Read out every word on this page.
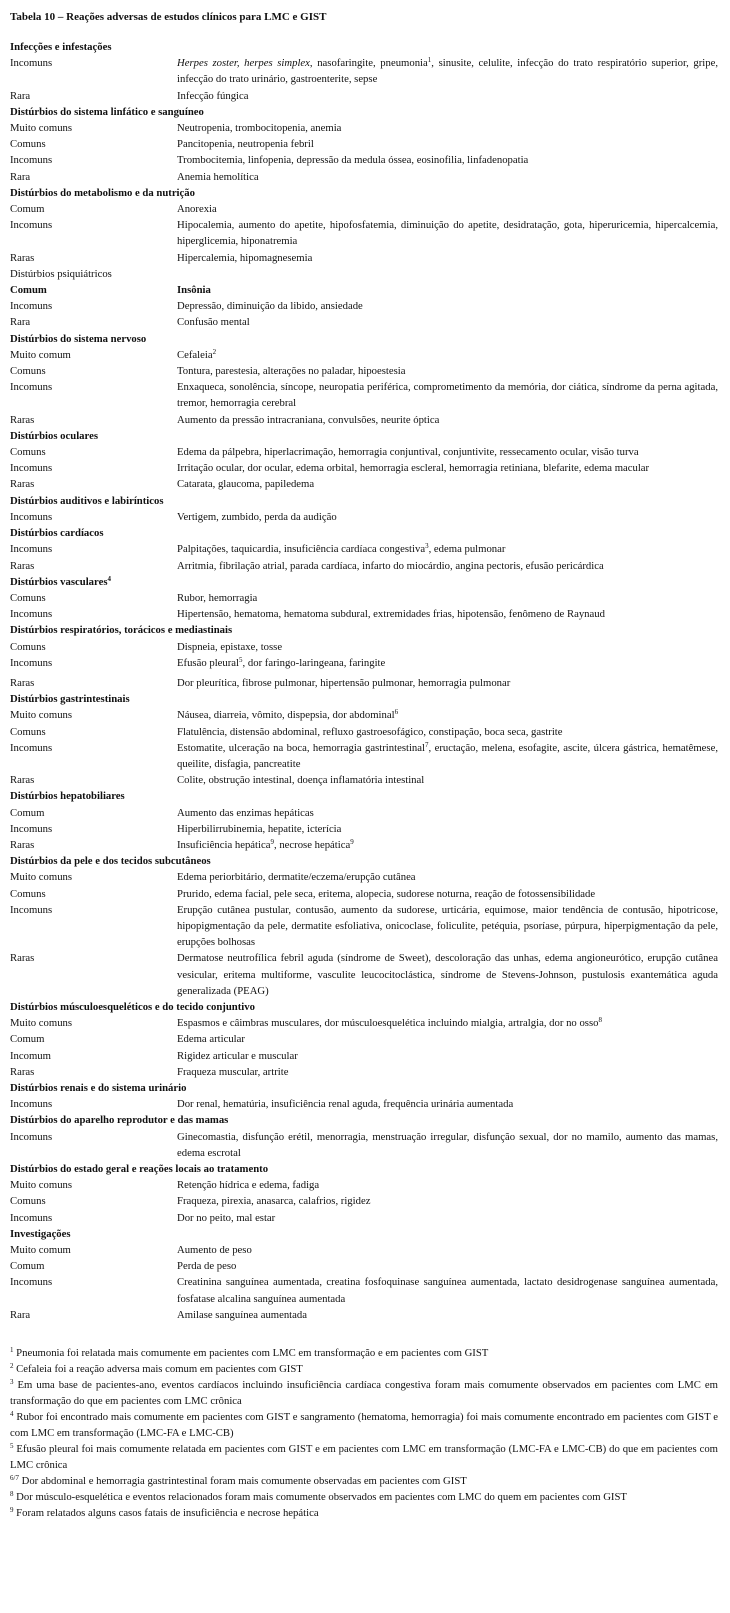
Tabela 10 – Reações adversas de estudos clínicos para LMC e GIST
Infecções e infestações
Incomuns	Herpes zoster, herpes simplex, nasofaringite, pneumonia$^1$, sinusite, celulite, infecção do trato respiratório superior, gripe, infecção do trato urinário, gastroenterite, sepse
Rara	Infecção fúngica
Distúrbios do sistema linfático e sanguíneo
Muito comuns	Neutropenia, trombocitopenia, anemia
Comuns	Pancitopenia, neutropenia febril
Incomuns	Trombocitemia, linfopenia, depressão da medula óssea, eosinofilia, linfadenopatia
Rara	Anemia hemolítica
Distúrbios do metabolismo e da nutrição
Comum	Anorexia
Incomuns	Hipocalemia, aumento do apetite, hipofosfatemia, diminuição do apetite, desidratação, gota, hiperuricemia, hipercalcemia, hiperglicemia, hiponatremia
Raras	Hipercalemia, hipomagnesemia
Distúrbios psiquiátricos
Comum	Insônia
Incomuns	Depressão, diminuição da libido, ansiedade
Rara	Confusão mental
Distúrbios do sistema nervoso
Muito comum	Cefaleia$^2$
Comuns	Tontura, parestesia, alterações no paladar, hipoestesia
Incomuns	Enxaqueca, sonolência, síncope, neuropatia periférica, comprometimento da memória, dor ciática, síndrome da perna agitada, tremor, hemorragia cerebral
Raras	Aumento da pressão intracraniana, convulsões, neurite óptica
Distúrbios oculares
Comuns	Edema da pálpebra, hiperlacrimação, hemorragia conjuntival, conjuntivite, ressecamento ocular, visão turva
Incomuns	Irritação ocular, dor ocular, edema orbital, hemorragia escleral, hemorragia retiniana, blefarite, edema macular
Raras	Catarata, glaucoma, papiledema
Distúrbios auditivos e labirínticos
Incomuns	Vertigem, zumbido, perda da audição
Distúrbios cardíacos
Incomuns	Palpitações, taquicardia, insuficiência cardíaca congestiva$^3$, edema pulmonar
Raras	Arritmia, fibrilação atrial, parada cardíaca, infarto do miocárdio, angina pectoris, efusão pericárdica
Distúrbios vasculares$^4$
Comuns	Rubor, hemorragia
Incomuns	Hipertensão, hematoma, hematoma subdural, extremidades frias, hipotensão, fenômeno de Raynaud
Distúrbios respiratórios, torácicos e mediastinais
Comuns	Dispneia, epistaxe, tosse
Incomuns	Efusão pleural$^5$, dor faringo-laringeana, faringite
Raras	Dor pleurítica, fibrose pulmonar, hipertensão pulmonar, hemorragia pulmonar
Distúrbios gastrintestinais
Muito comuns	Náusea, diarreia, vômito, dispepsia, dor abdominal$^6$
Comuns	Flatulência, distensão abdominal, refluxo gastroesofágico, constipação, boca seca, gastrite
Incomuns	Estomatite, ulceração na boca, hemorragia gastrintestinal$^7$, eructação, melena, esofagite, ascite, úlcera gástrica, hematêmese, queilite, disfagia, pancreatite
Raras	Colite, obstrução intestinal, doença inflamatória intestinal
Distúrbios hepatobiliares
Comum	Aumento das enzimas hepáticas
Incomuns	Hiperbilirrubinemia, hepatite, icterícia
Raras	Insuficiência hepática$^9$, necrose hepática$^9$
Distúrbios da pele e dos tecidos subcutâneos
Muito comuns	Edema periorbitário, dermatite/eczema/erupção cutânea
Comuns	Prurido, edema facial, pele seca, eritema, alopecia, sudorese noturna, reação de fotossensibilidade
Incomuns	Erupção cutânea pustular, contusão, aumento da sudorese, urticária, equimose, maior tendência de contusão, hipotricose, hipopigmentação da pele, dermatite esfoliativa, onicoclase, foliculite, petéquia, psoríase, púrpura, hiperpigmentação da pele, erupções bolhosas
Raras	Dermatose neutrofílica febril aguda (síndrome de Sweet), descoloração das unhas, edema angioneurótico, erupção cutânea vesicular, eritema multiforme, vasculite leucocitoclástica, síndrome de Stevens-Johnson, pustulosis exantemática aguda generalizada (PEAG)
Distúrbios músculoesqueléticos e do tecido conjuntivo
Muito comuns	Espasmos e câimbras musculares, dor músculoesquelética incluindo mialgia, artralgia, dor no osso$^8$
Comum	Edema articular
Incomum	Rigidez articular e muscular
Raras	Fraqueza muscular, artrite
Distúrbios renais e do sistema urinário
Incomuns	Dor renal, hematúria, insuficiência renal aguda, frequência urinária aumentada
Distúrbios do aparelho reprodutor e das mamas
Incomuns	Ginecomastia, disfunção erétil, menorragia, menstruação irregular, disfunção sexual, dor no mamilo, aumento das mamas, edema escrotal
Distúrbios do estado geral e reações locais ao tratamento
Muito comuns	Retenção hídrica e edema, fadiga
Comuns	Fraqueza, pirexia, anasarca, calafrios, rigidez
Incomuns	Dor no peito, mal estar
Investigações
Muito comum	Aumento de peso
Comum	Perda de peso
Incomuns	Creatinina sanguínea aumentada, creatina fosfoquinase sanguínea aumentada, lactato desidrogenase sanguínea aumentada, fosfatase alcalina sanguínea aumentada
Rara	Amilase sanguínea aumentada
$^1$ Pneumonia foi relatada mais comumente em pacientes com LMC em transformação e em pacientes com GIST
$^2$ Cefaleia foi a reação adversa mais comum em pacientes com GIST
$^3$ Em uma base de pacientes-ano, eventos cardíacos incluindo insuficiência cardíaca congestiva foram mais comumente observados em pacientes com LMC em transformação do que em pacientes com LMC crônica
$^4$ Rubor foi encontrado mais comumente em pacientes com GIST e sangramento (hematoma, hemorragia) foi mais comumente encontrado em pacientes com GIST e com LMC em transformação (LMC-FA e LMC-CB)
$^5$ Efusão pleural foi mais comumente relatada em pacientes com GIST e em pacientes com LMC em transformação (LMC-FA e LMC-CB) do que em pacientes com LMC crônica
$^{6/7}$ Dor abdominal e hemorragia gastrintestinal foram mais comumente observadas em pacientes com GIST
$^8$ Dor músculo-esquelética e eventos relacionados foram mais comumente observados em pacientes com LMC do quem em pacientes com GIST
$^9$ Foram relatados alguns casos fatais de insuficiência e necrose hepática
